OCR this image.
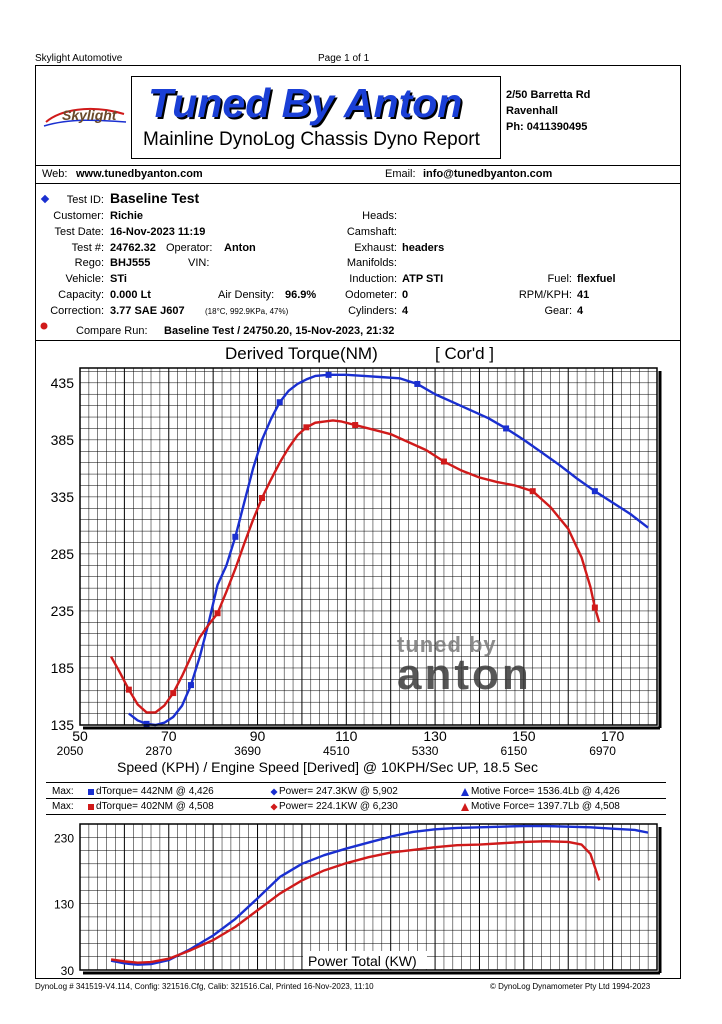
Skylight Automotive	Page 1 of 1
Skylight Tuned By Anton
Mainline DynoLog Chassis Dyno Report
2/50 Barretta Rd
Ravenhall
Ph: 0411390495
Web: www.tunedbyanton.com	Email: info@tunedbyanton.com
Test ID: Baseline Test
Customer: Richie	Heads:
Test Date: 16-Nov-2023 11:19	Camshaft:
Test #: 24762.32 Operator: Anton	Exhaust: headers
Rego: BHJ555	VIN:	Manifolds:
Vehicle: STi	Induction: ATP STI	Fuel: flexfuel
Capacity: 0.000 Lt	Air Density: 96.9%	Odometer: 0	RPM/KPH: 41
Correction: 3.77 SAE J607	(18°C, 992.9KPa, 47%)	Cylinders: 4	Gear: 4
Compare Run: Baseline Test / 24750.20, 15-Nov-2023, 21:32
Derived Torque(NM)	[ Cor'd ]
tuned by
anton
135
185
235
285
335
385
435
50
2050
70
2870
90
3690
110
4510
130
5330
150
6150
170
6970
Speed (KPH) / Engine Speed [Derived] @ 10KPH/Sec UP, 18.5 Sec
Max: dTorque= 442NM @ 4,426	Power= 247.3KW @ 5,902	Motive Force= 1536.4Lb @ 4,426
Max: dTorque= 402NM @ 4,508	Power= 224.1KW @ 6,230	Motive Force= 1397.7Lb @ 4,508
30
130
230
Power Total (KW)
DynoLog # 341519-V4.114, Config: 321516.Cfg, Calib: 321516.Cal, Printed 16-Nov-2023, 11:10	© DynoLog Dynamometer Pty Ltd 1994-2023
